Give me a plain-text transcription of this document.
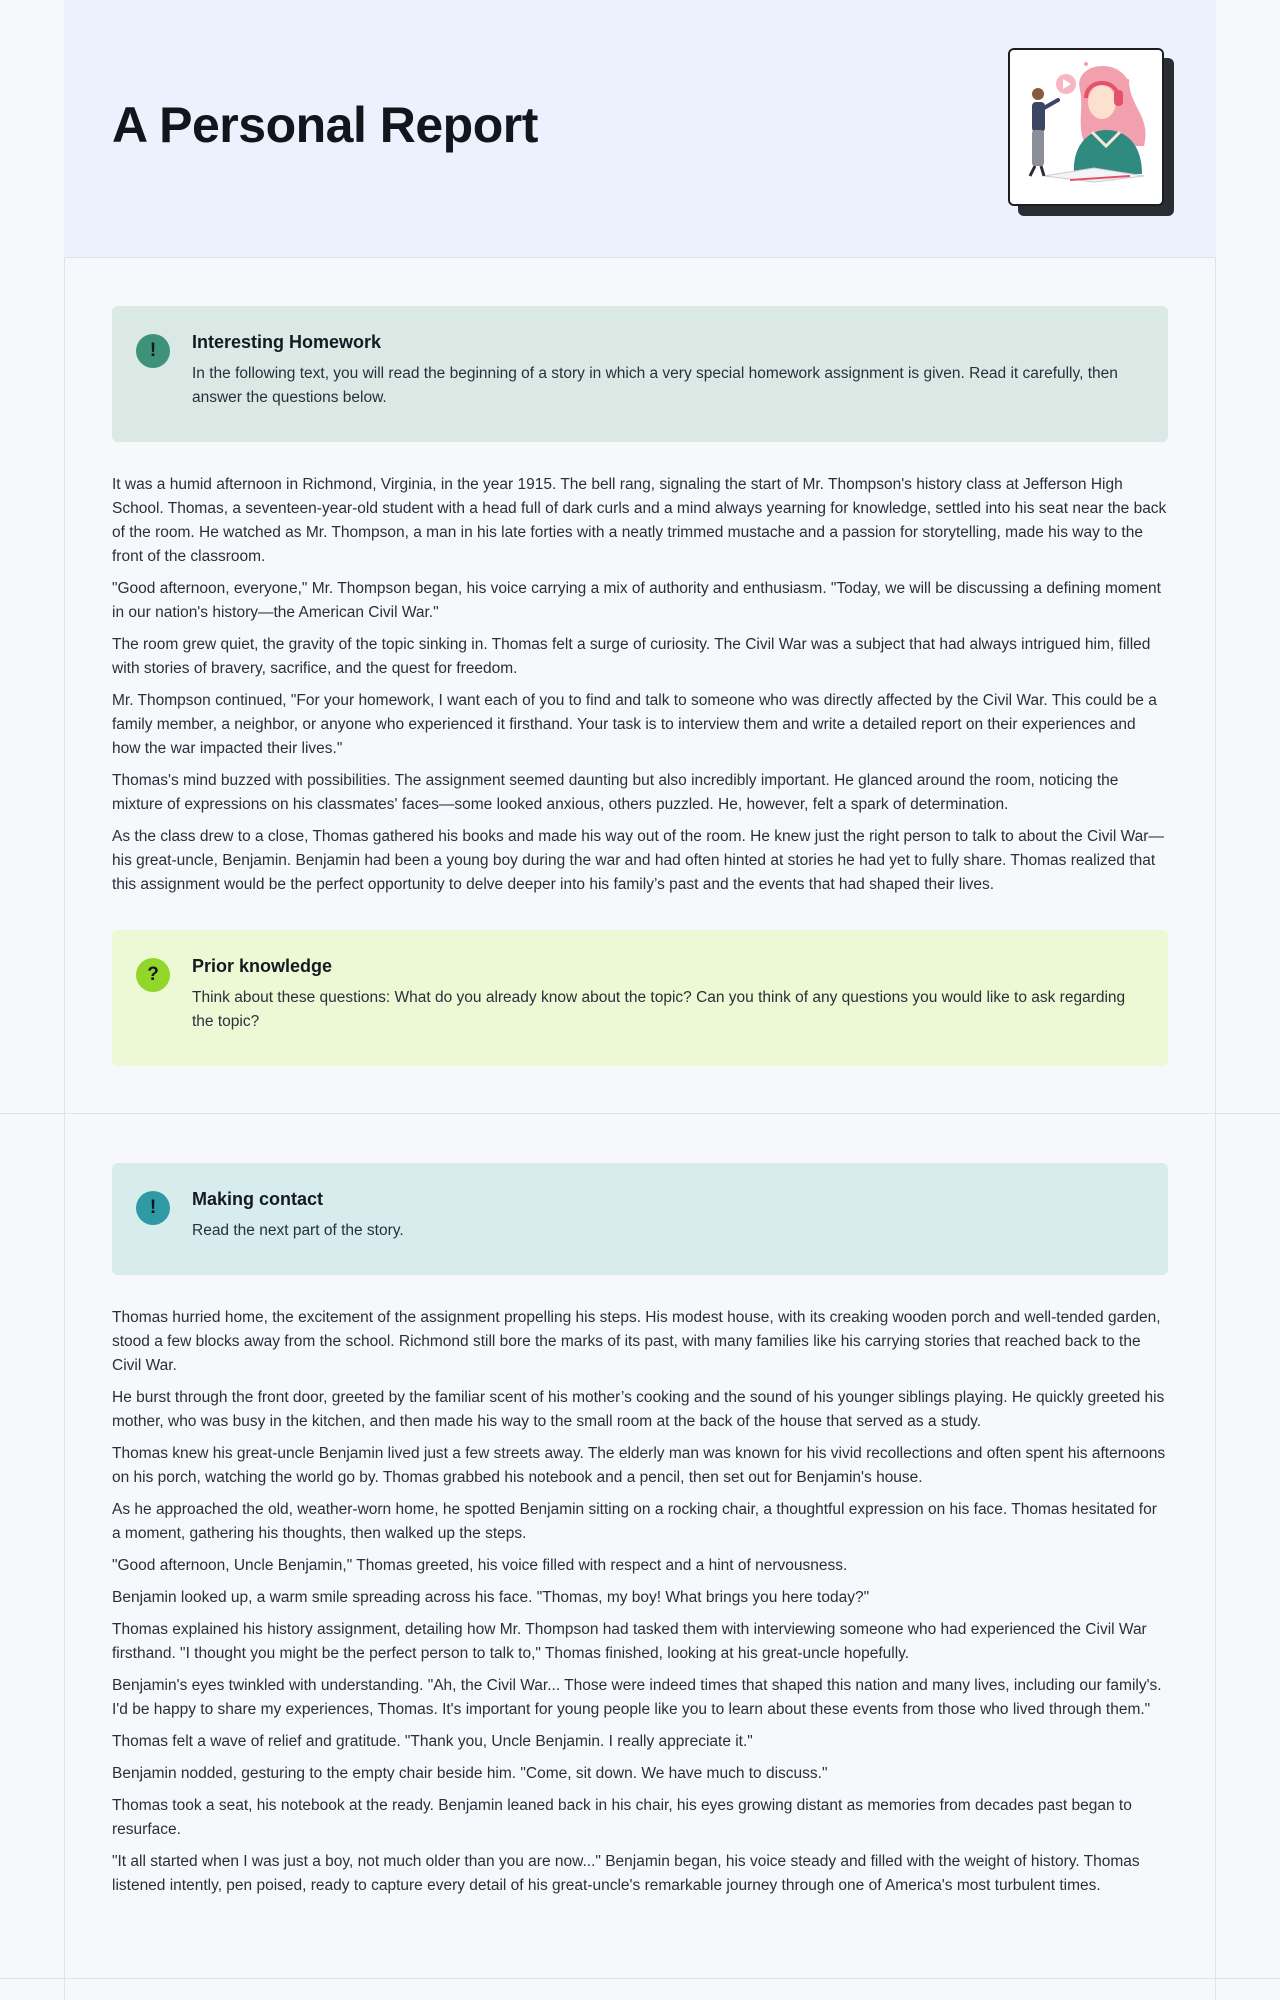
A Personal Report
!	Interesting Homework

In the following text, you will read the beginning of a story in which a very special homework assignment is given. Read it carefully, then answer the questions below.

It was a humid afternoon in Richmond, Virginia, in the year 1915. The bell rang, signaling the start of Mr. Thompson's history class at Jefferson High School. Thomas, a seventeen-year-old student with a head full of dark curls and a mind always yearning for knowledge, settled into his seat near the back of the room. He watched as Mr. Thompson, a man in his late forties with a neatly trimmed mustache and a passion for storytelling, made his way to the front of the classroom.

"Good afternoon, everyone," Mr. Thompson began, his voice carrying a mix of authority and enthusiasm. "Today, we will be discussing a defining moment in our nation's history—the American Civil War."

The room grew quiet, the gravity of the topic sinking in. Thomas felt a surge of curiosity. The Civil War was a subject that had always intrigued him, filled with stories of bravery, sacrifice, and the quest for freedom.

Mr. Thompson continued, "For your homework, I want each of you to find and talk to someone who was directly affected by the Civil War. This could be a family member, a neighbor, or anyone who experienced it firsthand. Your task is to interview them and write a detailed report on their experiences and how the war impacted their lives."

Thomas's mind buzzed with possibilities. The assignment seemed daunting but also incredibly important. He glanced around the room, noticing the mixture of expressions on his classmates' faces—some looked anxious, others puzzled. He, however, felt a spark of determination.

As the class drew to a close, Thomas gathered his books and made his way out of the room. He knew just the right person to talk to about the Civil War—his great-uncle, Benjamin. Benjamin had been a young boy during the war and had often hinted at stories he had yet to fully share. Thomas realized that this assignment would be the perfect opportunity to delve deeper into his family’s past and the events that had shaped their lives.

?	Prior knowledge

Think about these questions: What do you already know about the topic? Can you think of any questions you would like to ask regarding the topic?

!	Making contact

Read the next part of the story.

Thomas hurried home, the excitement of the assignment propelling his steps. His modest house, with its creaking wooden porch and well-tended garden, stood a few blocks away from the school. Richmond still bore the marks of its past, with many families like his carrying stories that reached back to the Civil War.

He burst through the front door, greeted by the familiar scent of his mother’s cooking and the sound of his younger siblings playing. He quickly greeted his mother, who was busy in the kitchen, and then made his way to the small room at the back of the house that served as a study.

Thomas knew his great-uncle Benjamin lived just a few streets away. The elderly man was known for his vivid recollections and often spent his afternoons on his porch, watching the world go by. Thomas grabbed his notebook and a pencil, then set out for Benjamin's house.

As he approached the old, weather-worn home, he spotted Benjamin sitting on a rocking chair, a thoughtful expression on his face. Thomas hesitated for a moment, gathering his thoughts, then walked up the steps.

"Good afternoon, Uncle Benjamin," Thomas greeted, his voice filled with respect and a hint of nervousness.

Benjamin looked up, a warm smile spreading across his face. "Thomas, my boy! What brings you here today?"

Thomas explained his history assignment, detailing how Mr. Thompson had tasked them with interviewing someone who had experienced the Civil War firsthand. "I thought you might be the perfect person to talk to," Thomas finished, looking at his great-uncle hopefully.

Benjamin's eyes twinkled with understanding. "Ah, the Civil War... Those were indeed times that shaped this nation and many lives, including our family's. I'd be happy to share my experiences, Thomas. It's important for young people like you to learn about these events from those who lived through them."

Thomas felt a wave of relief and gratitude. "Thank you, Uncle Benjamin. I really appreciate it."

Benjamin nodded, gesturing to the empty chair beside him. "Come, sit down. We have much to discuss."

Thomas took a seat, his notebook at the ready. Benjamin leaned back in his chair, his eyes growing distant as memories from decades past began to resurface.

"It all started when I was just a boy, not much older than you are now..." Benjamin began, his voice steady and filled with the weight of history. Thomas listened intently, pen poised, ready to capture every detail of his great-uncle's remarkable journey through one of America's most turbulent times.
